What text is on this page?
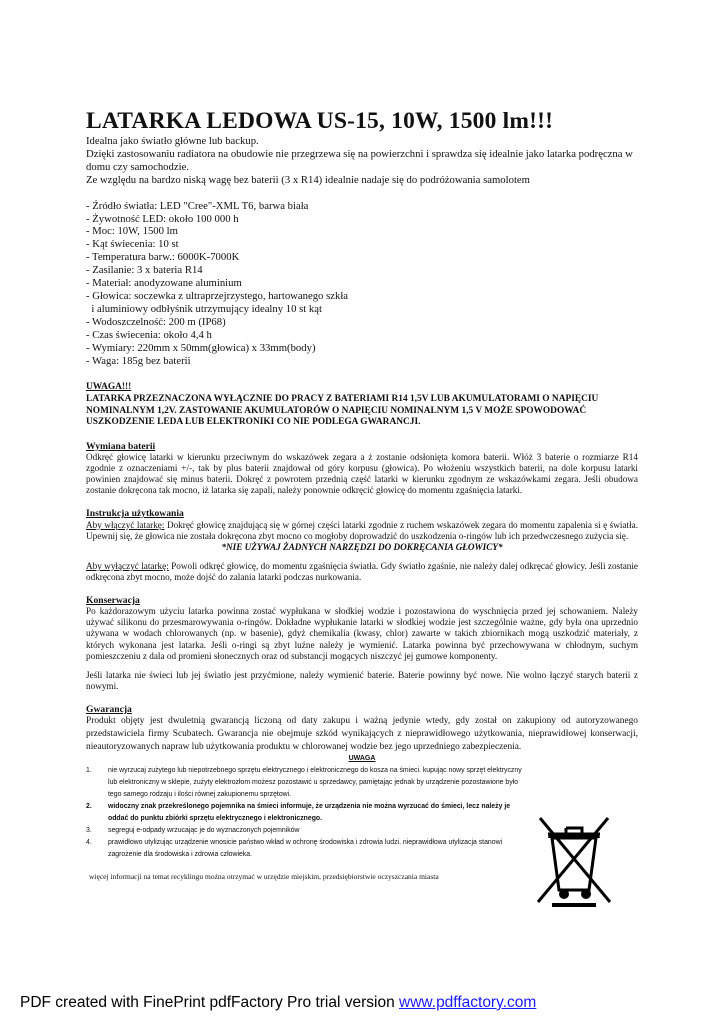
LATARKA LEDOWA US-15, 10W, 1500 lm!!!

Idealna jako światło główne lub backup.

Dzięki zastosowaniu radiatora na obudowie nie przegrzewa się na powierzchni i sprawdza się idealnie jako latarka podręczna w domu czy samochodzie.

Ze względu na bardzo niską wagę bez baterii (3 x R14) idealnie nadaje się do podróżowania samolotem

- Źródło światła: LED "Cree"-XML T6, barwa biała
- Żywotność LED: około 100 000 h
- Moc: 10W, 1500 lm
- Kąt świecenia: 10 st
- Temperatura barw.: 6000K-7000K
- Zasilanie: 3 x bateria R14
- Materiał: anodyzowane aluminium
- Głowica: soczewka z ultraprzejrzystego, hartowanego szkła
i aluminiowy odbłyśnik utrzymujący idealny 10 st kąt
- Wodoszczelność: 200 m (IP68)
- Czas świecenia: około 4,4 h
- Wymiary: 220mm x 50mm(głowica) x 33mm(body)
- Waga: 185g bez baterii
UWAGA!!!
LATARKA PRZEZNACZONA WYŁĄCZNIE DO PRACY Z BATERIAMI R14 1,5V LUB AKUMULATORAMI O NAPIĘCIU NOMINALNYM 1,2V. ZASTOWANIE AKUMULATORÓW O NAPIĘCIU NOMINALNYM 1,5 V MOŻE SPOWODOWAĆ USZKODZENIE LEDA LUB ELEKTRONIKI CO NIE PODLEGA GWARANCJI.
Wymiana baterii
Odkręć głowicę latarki w kierunku przeciwnym do wskazówek zegara a ż zostanie odsłonięta komora baterii. Włóż 3 baterie o rozmiarze R14 zgodnie z oznaczeniami +/-, tak by plus baterii znajdował od góry korpusu (głowica). Po włożeniu wszystkich baterii, na dole korpusu latarki powinien znajdować się minus baterii. Dokręć z powrotem przednią część latarki w kierunku zgodnym ze wskazówkami zegara. Jeśli obudowa zostanie dokręcona tak mocno, iż latarka się zapali, należy ponownie odkręcić głowicę do momentu zgaśnięcia latarki.
Instrukcja użytkowania
Aby włączyć latarkę: Dokręć głowicę znajdującą się w górnej części latarki zgodnie z ruchem wskazówek zegara do momentu zapalenia si ę światła. Upewnij się, że głowica nie została dokręcona zbyt mocno co mogłoby doprowadzić do uszkodzenia o-ringów lub ich przedwczesnego zużycia się.
*NIE UŻYWAJ ŻADNYCH NARZĘDZI DO DOKRĘCANIA GŁOWICY*
Aby wyłączyć latarkę: Powoli odkręć głowicę, do momentu zgaśnięcia światła. Gdy światło zgaśnie, nie należy dalej odkręcać głowicy. Jeśli zostanie odkręcona zbyt mocno, może dojść do zalania latarki podczas nurkowania.
Konserwacja
Po każdorazowym użyciu latarka powinna zostać wypłukana w słodkiej wodzie i pozostawiona do wyschnięcia przed jej schowaniem. Należy używać silikonu do przesmarowywania o-ringów. Dokładne wypłukanie latarki w słodkiej wodzie jest szczególnie ważne, gdy była ona uprzednio używana w wodach chlorowanych (np. w basenie), gdyż chemikalia (kwasy, chlor) zawarte w takich zbiornikach mogą uszkodzić materiały, z których wykonana jest latarka. Jeśli o-ringi są zbyt luźne należy je wymienić. Latarka powinna być przechowywana w chłodnym, suchym pomieszczeniu z dala od promieni słonecznych oraz od substancji mogących niszczyć jej gumowe komponenty.
Jeśli latarka nie świeci lub jej światło jest przyćmione, należy wymienić baterie. Baterie powinny być nowe. Nie wolno łączyć starych baterii z nowymi.
Gwarancja
Produkt objęty jest dwuletnią gwarancją liczoną od daty zakupu i ważną jedynie wtedy, gdy został on zakupiony od autoryzowanego przedstawiciela firmy Scubatech. Gwarancja nie obejmuje szkód wynikających z nieprawidłowego użytkowania, nieprawidłowej konserwacji, nieautoryzowanych napraw lub użytkowania produktu w chlorowanej wodzie bez jego uprzedniego zabezpieczenia.
UWAGA
1. nie wyrzucaj zużytego lub niepotrzebnego sprzętu elektrycznego i elektronicznego do kosza na śmieci. kupując nowy sprzęt elektryczny lub elektroniczny w sklepie, zużyty elektrozłom możesz pozostawić u sprzedawcy, pamiętając jednak by urządzenie pozostawione było tego samego rodzaju i ilości równej zakupionemu sprzętowi.
2. widoczny znak przekreślonego pojemnika na śmieci informuje, że urządzenia nie można wyrzucać do śmieci, lecz należy je oddać do punktu zbiórki sprzętu elektrycznego i elektronicznego.
3. segreguj e-odpady wrzucając je do wyznaczonych pojemników
4. prawidłowo utylizując urządzenie wnosicie państwo wkład w ochronę środowiska i zdrowia ludzi. nieprawidłowa utylizacja stanowi zagrożenie dla środowiska i zdrowia człowieka.
więcej informacji na temat recyklingu można otrzymać w urzędzie miejskim, przedsiębiorstwie oczyszczania miasta
PDF created with FinePrint pdfFactory Pro trial version www.pdffactory.com
